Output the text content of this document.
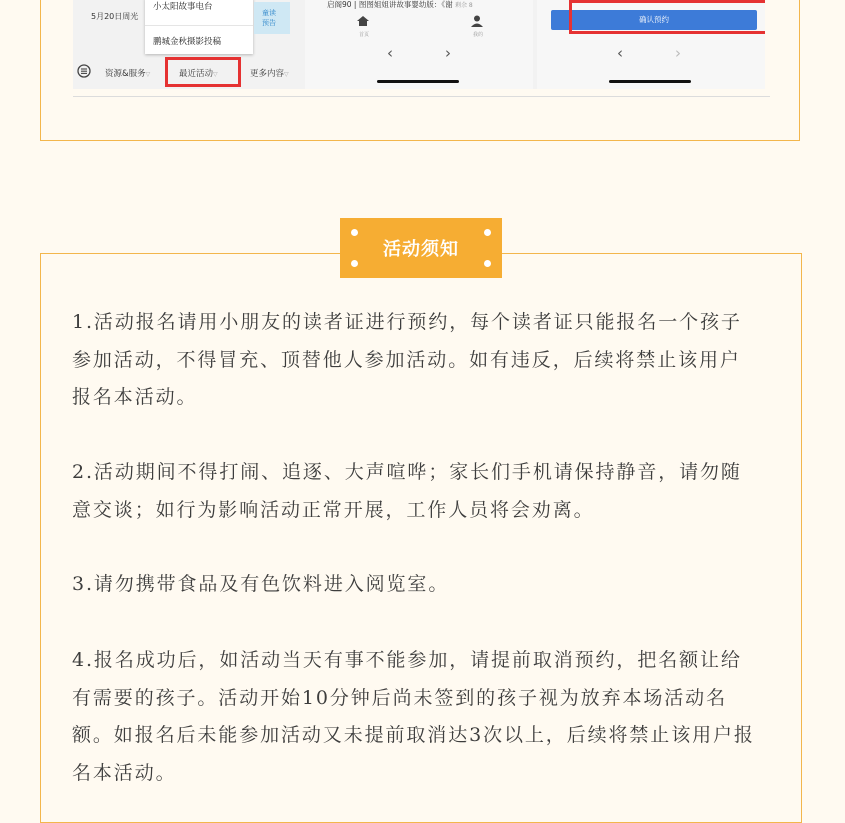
5月20日周光
小太阳故事电台
鹏城金秋摄影投稿
童读 预告
启阁90 | 图图姐姐讲故事婴幼版：《谢 剩余 8
首页	我的
‹	›
确认预约
‹	›
资源&服务▽	最近活动▽	更多内容▽
活动须知

1.活动报名请用小朋友的读者证进行预约，每个读者证只能报名一个孩子
参加活动，不得冒充、顶替他人参加活动。如有违反，后续将禁止该用户
报名本活动。

2.活动期间不得打闹、追逐、大声喧哗；家长们手机请保持静音，请勿随
意交谈；如行为影响活动正常开展，工作人员将会劝离。

3.请勿携带食品及有色饮料进入阅览室。

4.报名成功后，如活动当天有事不能参加，请提前取消预约，把名额让给
有需要的孩子。活动开始10分钟后尚未签到的孩子视为放弃本场活动名
额。如报名后未能参加活动又未提前取消达3次以上，后续将禁止该用户报
名本活动。
